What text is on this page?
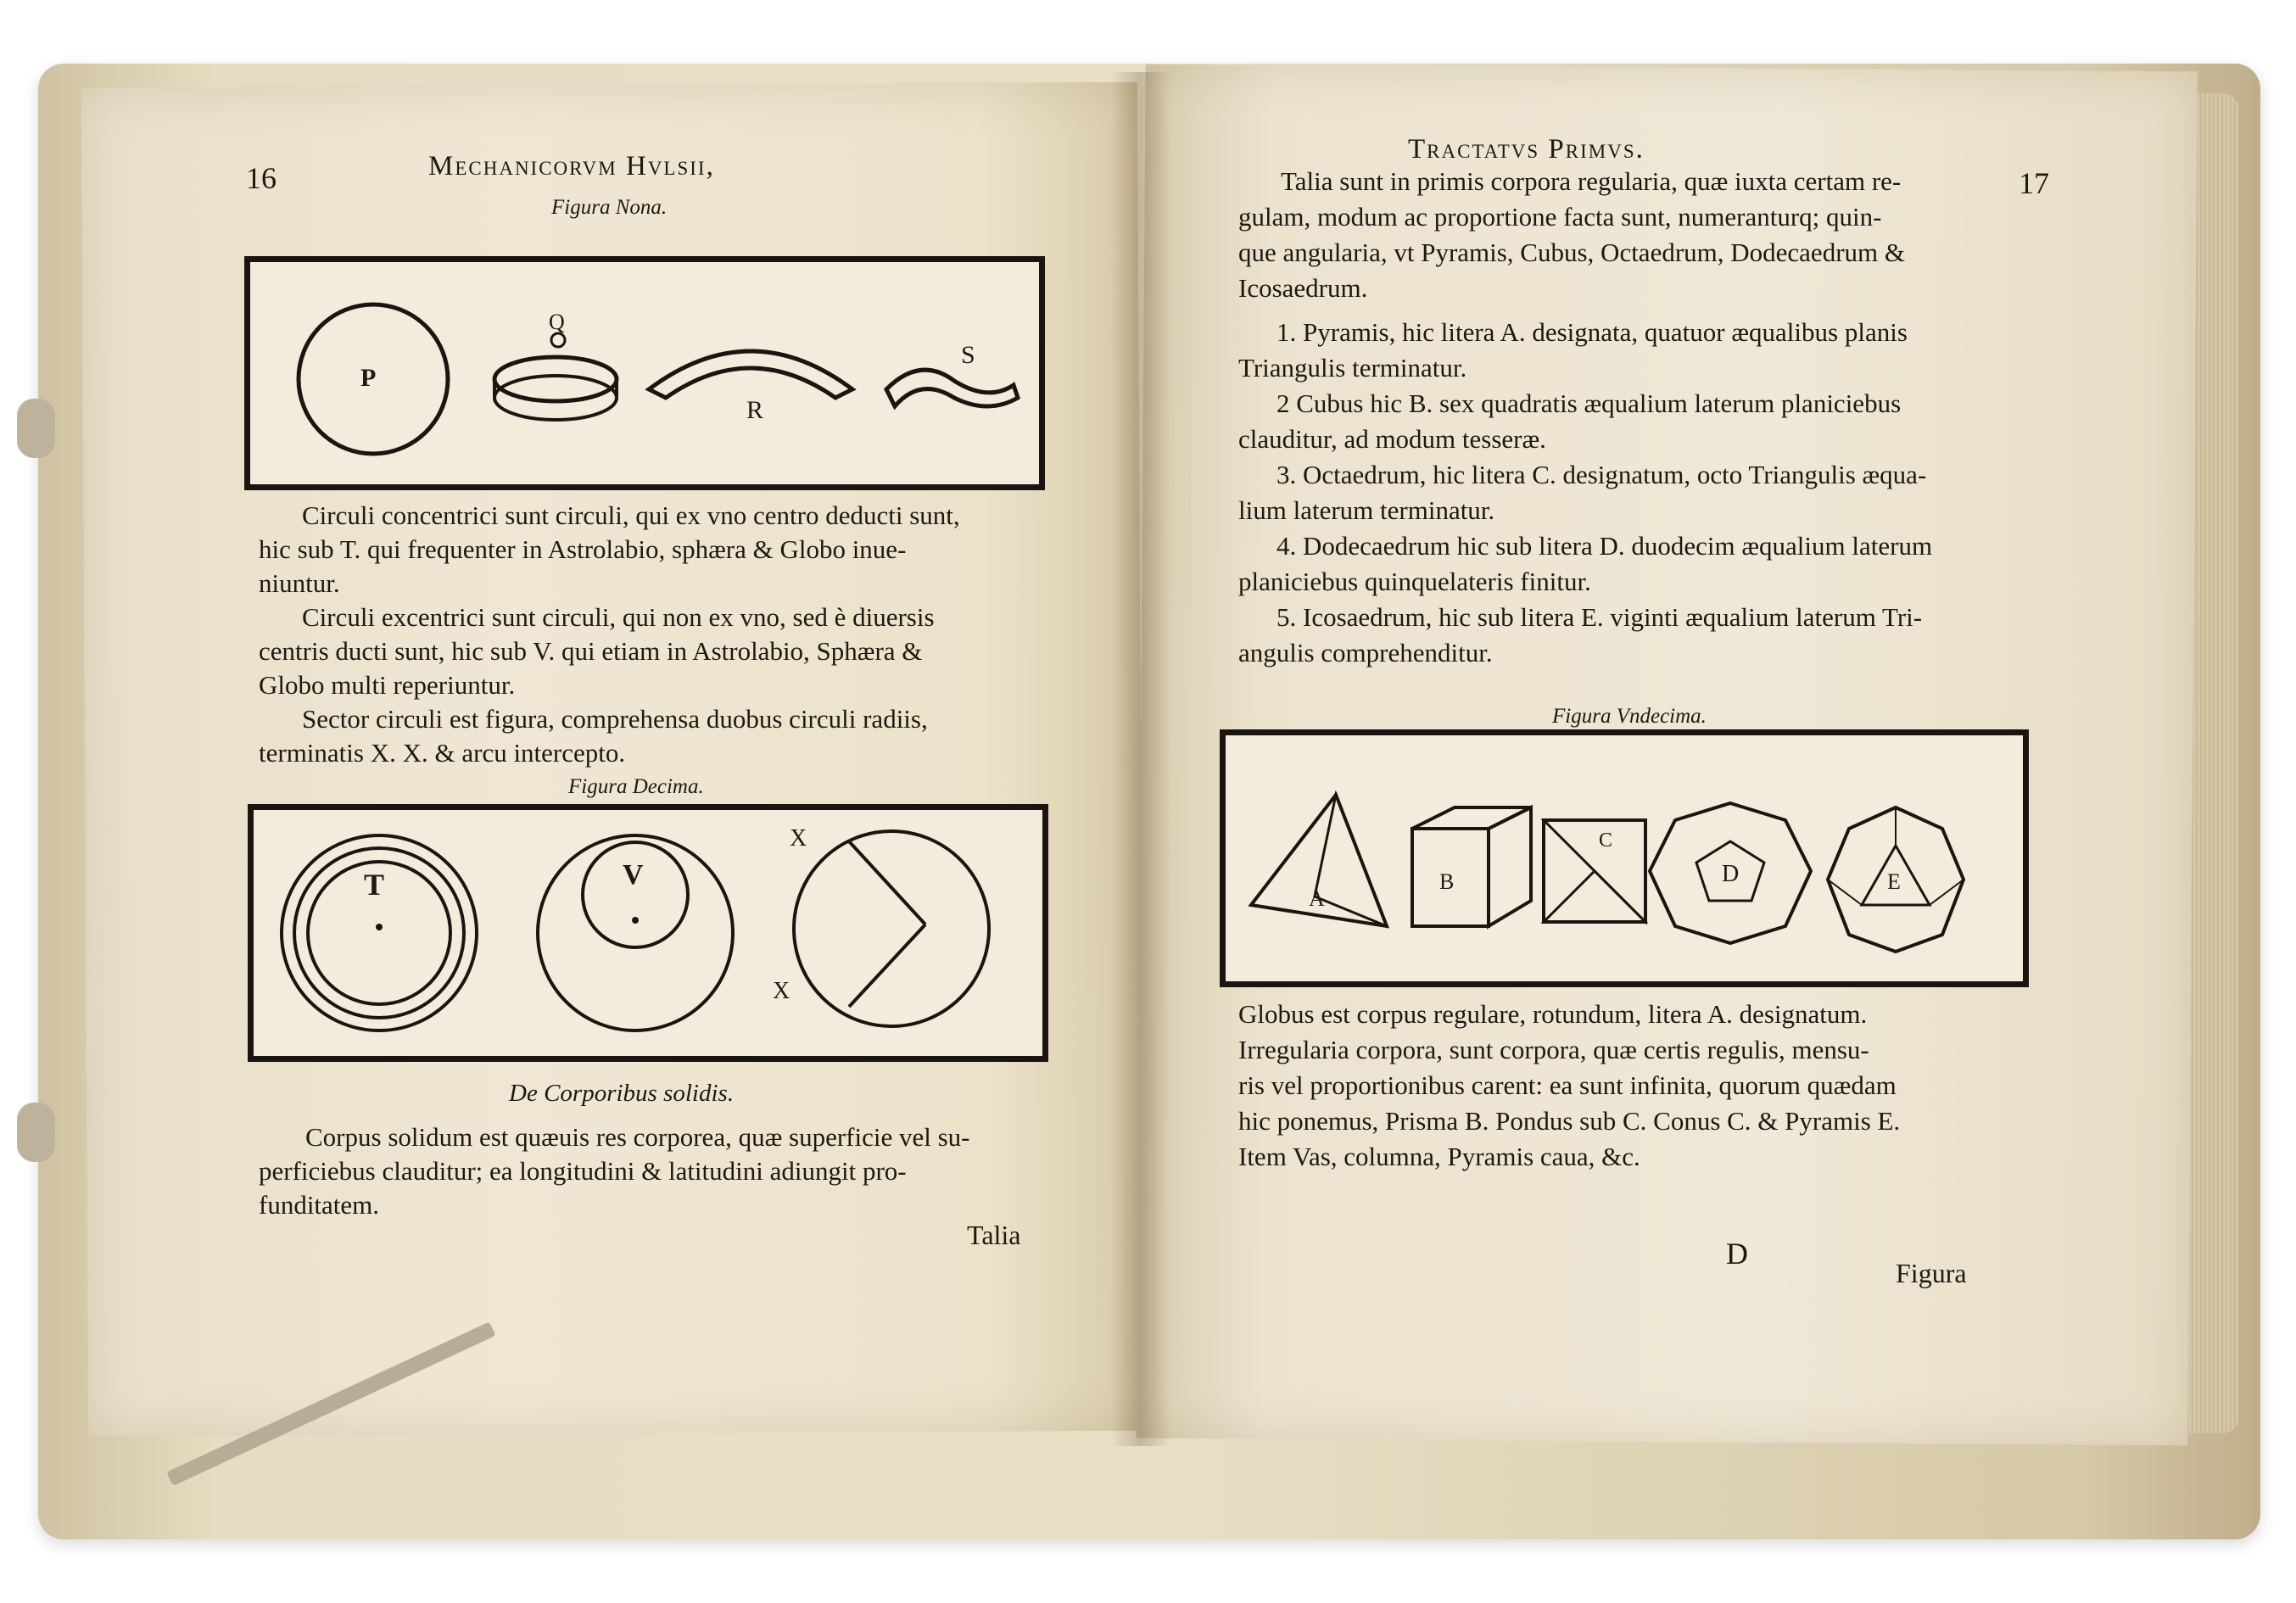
16	Mechanicorvm Hvlsii,
Figura Nona.
P
Q
R
S
Circuli concentrici sunt circuli, qui ex vno centro deducti sunt,
hic sub T. qui frequenter in Astrolabio, sphæra & Globo inue-
niuntur.
Circuli excentrici sunt circuli, qui non ex vno, sed è diuersis
centris ducti sunt, hic sub V. qui etiam in Astrolabio, Sphæra &
Globo multi reperiuntur.
Sector circuli est figura, comprehensa duobus circuli radiis,
terminatis X. X. & arcu intercepto.
Figura Decima.
T	V
X
X
De Corporibus solidis.
Corpus solidum est quæuis res corporea, quæ superficie vel su-
perficiebus clauditur; ea longitudini & latitudini adiungit pro-
funditatem.
Talia
Tractatvs Primvs.
17
Talia sunt in primis corpora regularia, quæ iuxta certam re-
gulam, modum ac proportione facta sunt, numeranturq; quin-
que angularia, vt Pyramis, Cubus, Octaedrum, Dodecaedrum &
Icosaedrum.
1. Pyramis, hic litera A. designata, quatuor æqualibus planis
Triangulis terminatur.
2 Cubus hic B. sex quadratis æqualium laterum planiciebus
clauditur, ad modum tesseræ.
3. Octaedrum, hic litera C. designatum, octo Triangulis æqua-
lium laterum terminatur.
4. Dodecaedrum hic sub litera D. duodecim æqualium laterum
planiciebus quinquelateris finitur.
5. Icosaedrum, hic sub litera E. viginti æqualium laterum Tri-
angulis comprehenditur.
Figura Vndecima.
A
B
C
D	E
Globus est corpus regulare, rotundum, litera A. designatum.
Irregularia corpora, sunt corpora, quæ certis regulis, mensu-
ris vel proportionibus carent: ea sunt infinita, quorum quædam
hic ponemus, Prisma B. Pondus sub C. Conus C. & Pyramis E.
Item Vas, columna, Pyramis caua, &c.
D
Figura
